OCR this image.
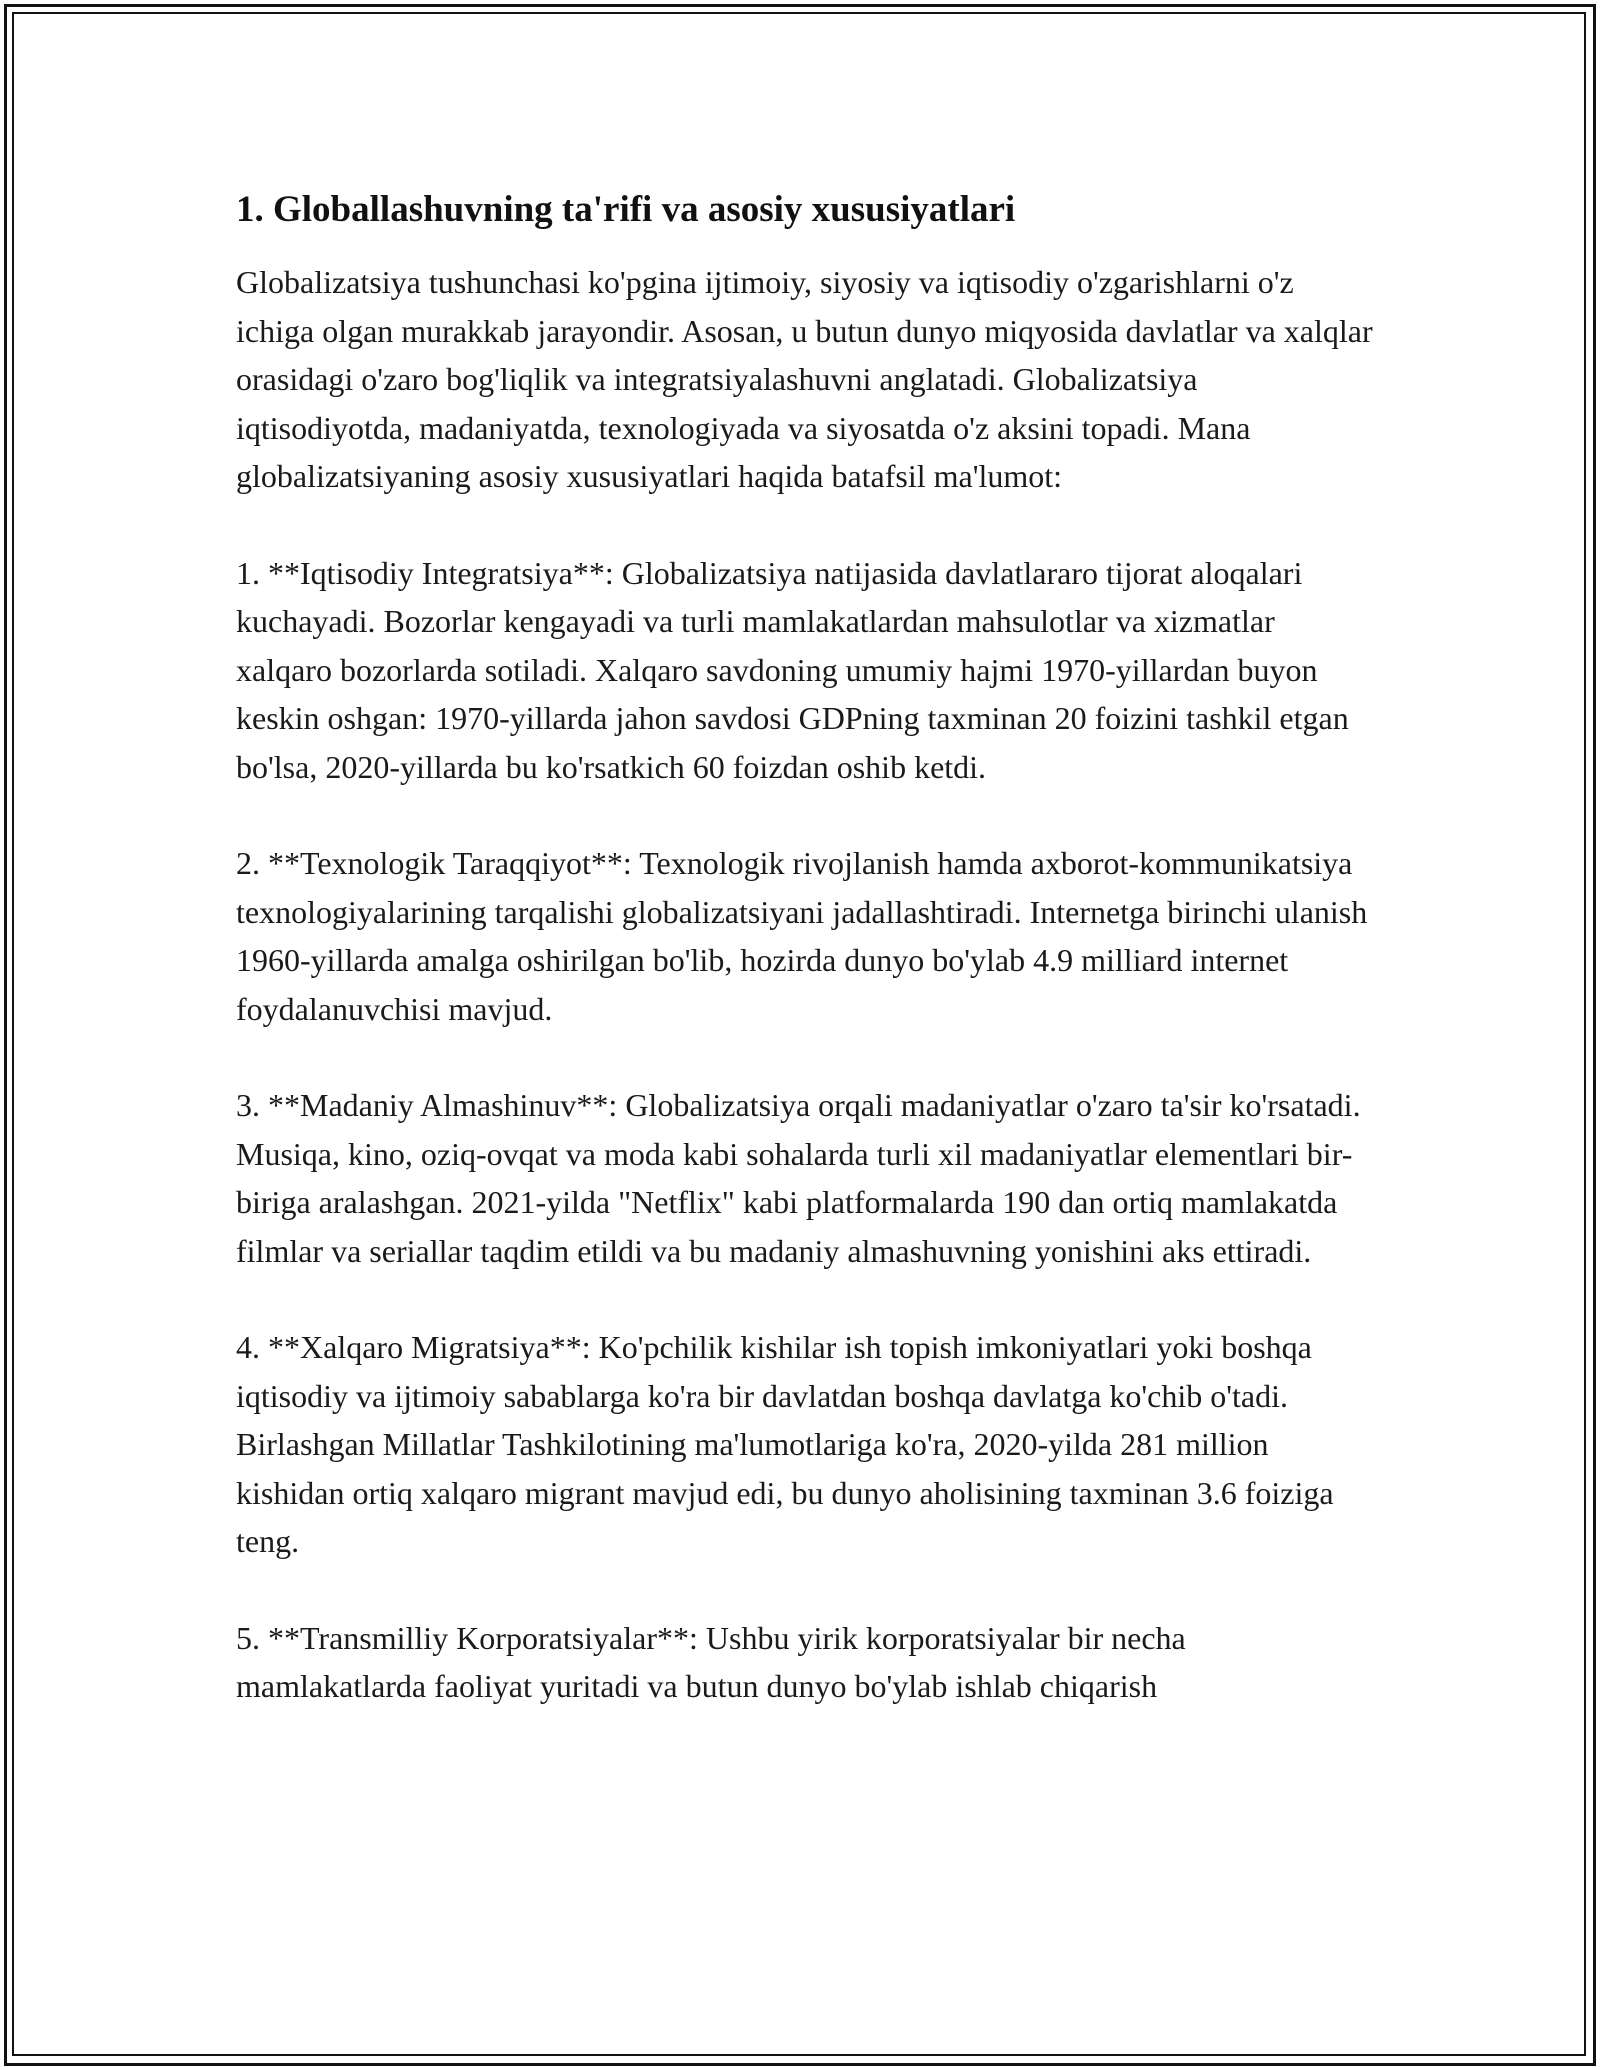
1. Globallashuvning ta'rifi va asosiy xususiyatlari

Globalizatsiya tushunchasi ko'pgina ijtimoiy, siyosiy va iqtisodiy o'zgarishlarni o'z ichiga olgan murakkab jarayondir. Asosan, u butun dunyo miqyosida davlatlar va xalqlar orasidagi o'zaro bog'liqlik va integratsiyalashuvni anglatadi. Globalizatsiya iqtisodiyotda, madaniyatda, texnologiyada va siyosatda o'z aksini topadi. Mana globalizatsiyaning asosiy xususiyatlari haqida batafsil ma'lumot:

1. **Iqtisodiy Integratsiya**: Globalizatsiya natijasida davlatlararo tijorat aloqalari kuchayadi. Bozorlar kengayadi va turli mamlakatlardan mahsulotlar va xizmatlar xalqaro bozorlarda sotiladi. Xalqaro savdoning umumiy hajmi 1970-yillardan buyon keskin oshgan: 1970-yillarda jahon savdosi GDPning taxminan 20 foizini tashkil etgan bo'lsa, 2020-yillarda bu ko'rsatkich 60 foizdan oshib ketdi.

2. **Texnologik Taraqqiyot**: Texnologik rivojlanish hamda axborot-kommunikatsiya texnologiyalarining tarqalishi globalizatsiyani jadallashtiradi. Internetga birinchi ulanish 1960-yillarda amalga oshirilgan bo'lib, hozirda dunyo bo'ylab 4.9 milliard internet foydalanuvchisi mavjud.

3. **Madaniy Almashinuv**: Globalizatsiya orqali madaniyatlar o'zaro ta'sir ko'rsatadi. Musiqa, kino, oziq-ovqat va moda kabi sohalarda turli xil madaniyatlar elementlari bir-biriga aralashgan. 2021-yilda "Netflix" kabi platformalarda 190 dan ortiq mamlakatda filmlar va seriallar taqdim etildi va bu madaniy almashuvning yonishini aks ettiradi.

4. **Xalqaro Migratsiya**: Ko'pchilik kishilar ish topish imkoniyatlari yoki boshqa iqtisodiy va ijtimoiy sabablarga ko'ra bir davlatdan boshqa davlatga ko'chib o'tadi. Birlashgan Millatlar Tashkilotining ma'lumotlariga ko'ra, 2020-yilda 281 million kishidan ortiq xalqaro migrant mavjud edi, bu dunyo aholisining taxminan 3.6 foiziga teng.

5. **Transmilliy Korporatsiyalar**: Ushbu yirik korporatsiyalar bir necha mamlakatlarda faoliyat yuritadi va butun dunyo bo'ylab ishlab chiqarish
